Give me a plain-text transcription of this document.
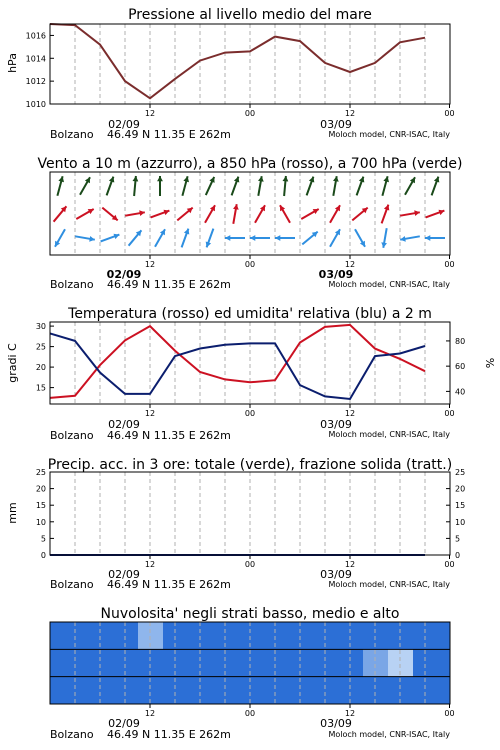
Pressione al livello medio del mare
hPa
1010
1012
1014
1016
12	00	12	00
02/09	03/09
Bolzano 46.49 N 11.35 E 262m	Moloch model, CNR-ISAC, Italy
Vento a 10 m (azzurro), a 850 hPa (rosso), a 700 hPa (verde)
12	00	12	00
02/09	03/09
Bolzano 46.49 N 11.35 E 262m	Moloch model, CNR-ISAC, Italy
Temperatura (rosso) ed umidita' relativa (blu) a 2 m
gradi C	%
15
20
25
30
40
60
80
12	00	12	00
02/09	03/09
Bolzano 46.49 N 11.35 E 262m	Moloch model, CNR-ISAC, Italy
Precip. acc. in 3 ore: totale (verde), frazione solida (tratt.)
mm
0
5
10
15
20
25
0
5
10
15
20
25
12	00	12	00
02/09	03/09
Bolzano 46.49 N 11.35 E 262m	Moloch model, CNR-ISAC, Italy
Nuvolosita' negli strati basso, medio e alto
12	00	12	00
02/09	03/09
Bolzano 46.49 N 11.35 E 262m	Moloch model, CNR-ISAC, Italy
